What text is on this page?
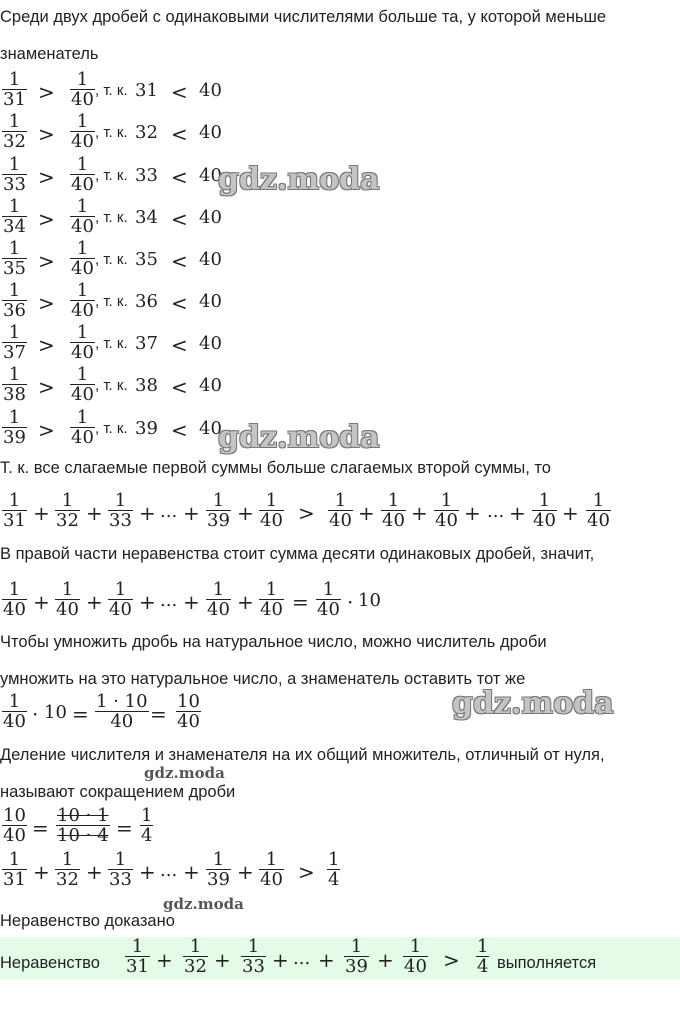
Среди двух дробей с одинаковыми числителями больше та, у которой меньше
знаменатель
$\frac{1}{31} > \frac{1}{40}$ , т. к. 31 < 40
$\frac{1}{32} > \frac{1}{40}$ , т. к. 32 < 40
$\frac{1}{33} > \frac{1}{40}$ , т. к. 33 < 40
$\frac{1}{34} > \frac{1}{40}$ , т. к. 34 < 40
$\frac{1}{35} > \frac{1}{40}$ , т. к. 35 < 40
$\frac{1}{36} > \frac{1}{40}$ , т. к. 36 < 40
$\frac{1}{37} > \frac{1}{40}$ , т. к. 37 < 40
$\frac{1}{38} > \frac{1}{40}$ , т. к. 38 < 40
$\frac{1}{39} > \frac{1}{40}$ , т. к. 39 < 40
Т. к. все слагаемые первой суммы больше слагаемых второй суммы, то
$\frac{1}{31} + \frac{1}{32} + \frac{1}{33}$ + ... + $\frac{1}{39} + \frac{1}{40} > \frac{1}{40} + \frac{1}{40} + \frac{1}{40}$ + ... + $\frac{1}{40} + \frac{1}{40}$
В правой части неравенства стоит сумма десяти одинаковых дробей, значит,
$\frac{1}{40} + \frac{1}{40} + \frac{1}{40}$ + ... + $\frac{1}{40} + \frac{1}{40} = \frac{1}{40} \cdot 10$
Чтобы умножить дробь на натуральное число, можно числитель дроби
умножить на это натуральное число, а знаменатель оставить тот же
$\frac{1}{40} \cdot 10 = \frac{1 \cdot 10}{40} = \frac{10}{40}$
Деление числителя и знаменателя на их общий множитель, отличный от нуля,
называют сокращением дроби
$\frac{10}{40} = \frac{10 \cdot 1}{10 \cdot 4} = \frac{1}{4}$
$\frac{1}{31} + \frac{1}{32} + \frac{1}{33}$ + ... + $\frac{1}{39} + \frac{1}{40} > \frac{1}{4}$
Неравенство доказано
Неравенство $\frac{1}{31} + \frac{1}{32} + \frac{1}{33}$ + ... + $\frac{1}{39} + \frac{1}{40} > \frac{1}{4}$ выполняется
gdz.moda
gdz.moda
gdz.moda
gdz.moda
gdz.moda
